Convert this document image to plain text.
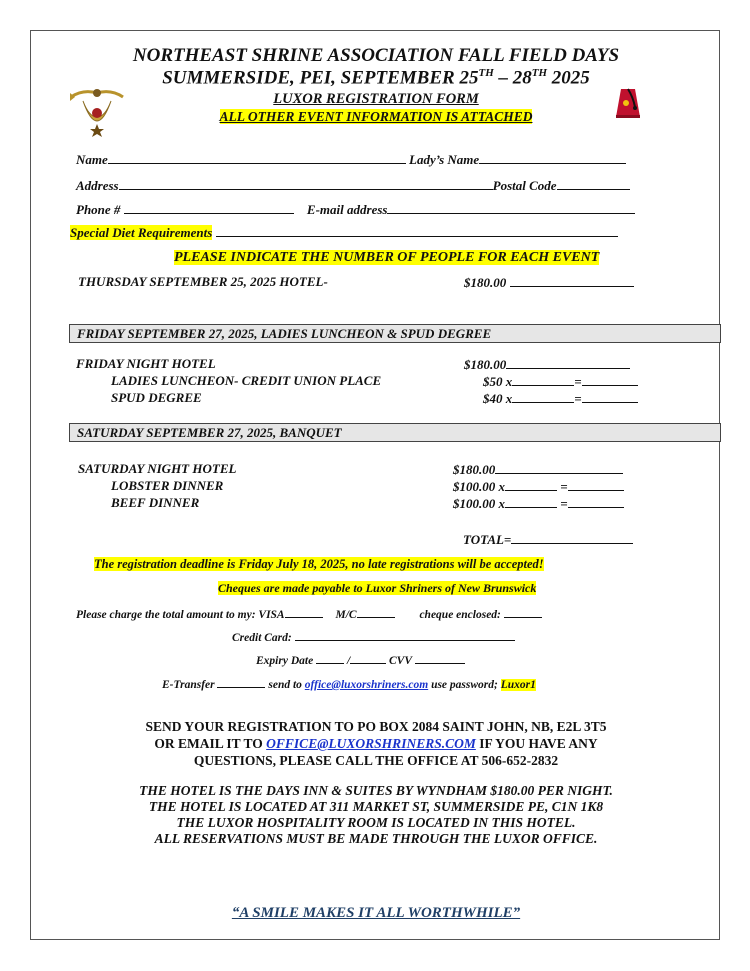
NORTHEAST SHRINE ASSOCIATION FALL FIELD DAYS
SUMMERSIDE, PEI, SEPTEMBER 25TH – 28TH 2025
LUXOR REGISTRATION FORM
ALL OTHER EVENT INFORMATION IS ATTACHED
Name	Lady’s Name
Address	Postal Code
Phone #	E-mail address
Special Diet Requirements
PLEASE INDICATE THE NUMBER OF PEOPLE FOR EACH EVENT
THURSDAY SEPTEMBER 25, 2025 HOTEL-	$180.00
FRIDAY SEPTEMBER 27, 2025, LADIES LUNCHEON & SPUD DEGREE
FRIDAY NIGHT HOTEL	$180.00
LADIES LUNCHEON- CREDIT UNION PLACE	$50 x	=
SPUD DEGREE	$40 x	=
SATURDAY SEPTEMBER 27, 2025, BANQUET
SATURDAY NIGHT HOTEL	$180.00
LOBSTER DINNER	$100.00 x	=
BEEF DINNER	$100.00 x	=
TOTAL=
The registration deadline is Friday July 18, 2025, no late registrations will be accepted!
Cheques are made payable to Luxor Shriners of New Brunswick
Please charge the total amount to my: VISA	M/C	cheque enclosed:
Credit Card:
Expiry Date	/	CVV
E-Transfer	send to office@luxorshriners.com use password; Luxor1
SEND YOUR REGISTRATION TO PO BOX 2084 SAINT JOHN, NB, E2L 3T5
OR EMAIL IT TO OFFICE@LUXORSHRINERS.COM IF YOU HAVE ANY
QUESTIONS, PLEASE CALL THE OFFICE AT 506-652-2832
THE HOTEL IS THE DAYS INN & SUITES BY WYNDHAM $180.00 PER NIGHT.
THE HOTEL IS LOCATED AT 311 MARKET ST, SUMMERSIDE PE, C1N 1K8
THE LUXOR HOSPITALITY ROOM IS LOCATED IN THIS HOTEL.
ALL RESERVATIONS MUST BE MADE THROUGH THE LUXOR OFFICE.
“A SMILE MAKES IT ALL WORTHWHILE”
